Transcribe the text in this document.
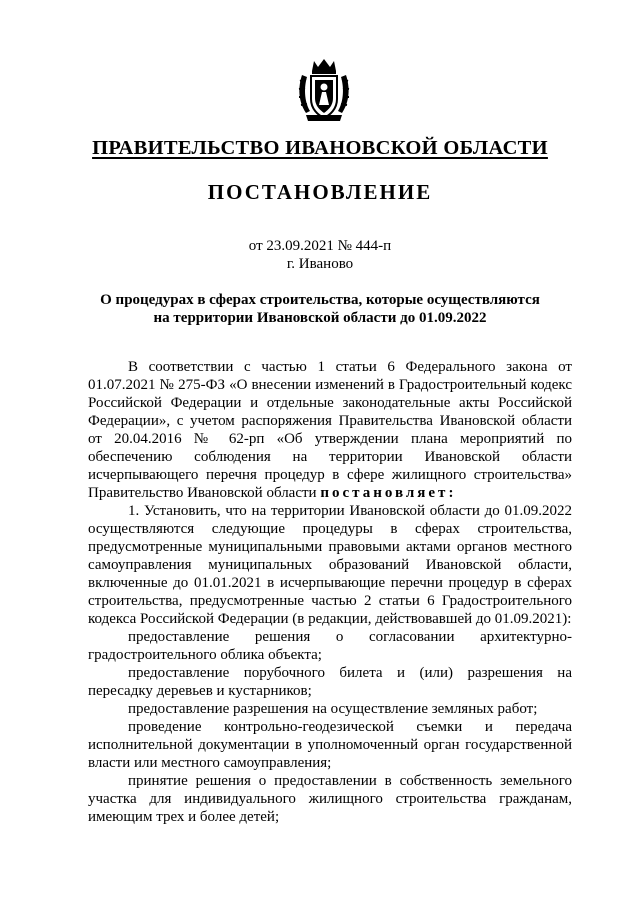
ПРАВИТЕЛЬСТВО ИВАНОВСКОЙ ОБЛАСТИ
ПОСТАНОВЛЕНИЕ
от 23.09.2021 № 444-п
г. Иваново
О процедурах в сферах строительства, которые осуществляются
на территории Ивановской области до 01.09.2022

В соответствии с частью 1 статьи 6 Федерального закона от 01.07.2021 № 275-ФЗ «О внесении изменений в Градостроительный кодекс Российской Федерации и отдельные законодательные акты Российской Федерации», с учетом распоряжения Правительства Ивановской области от 20.04.2016 № 62-рп «Об утверждении плана мероприятий по обеспечению соблюдения на территории Ивановской области исчерпывающего перечня процедур в сфере жилищного строительства» Правительство Ивановской области постановляет:

1. Установить, что на территории Ивановской области до 01.09.2022 осуществляются следующие процедуры в сферах строительства, предусмотренные муниципальными правовыми актами органов местного самоуправления муниципальных образований Ивановской области, включенные до 01.01.2021 в исчерпывающие перечни процедур в сферах строительства, предусмотренные частью 2 статьи 6 Градостроительного кодекса Российской Федерации (в редакции, действовавшей до 01.09.2021):

предоставление решения о согласовании архитектурно-градостроительного облика объекта;

предоставление порубочного билета и (или) разрешения на пересадку деревьев и кустарников;

предоставление разрешения на осуществление земляных работ;

проведение контрольно-геодезической съемки и передача исполнительной документации в уполномоченный орган государственной власти или местного самоуправления;

принятие решения о предоставлении в собственность земельного участка для индивидуального жилищного строительства гражданам, имеющим трех и более детей;
